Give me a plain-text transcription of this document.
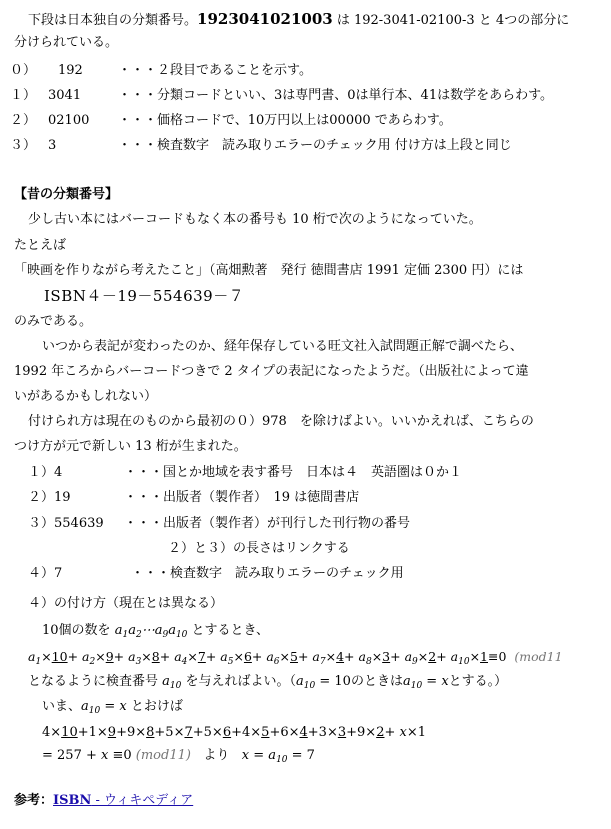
下段は日本独自の分類番号。1923041021003 は 192-3041-02100-3 と 4つの部分に
分けられている。
０） 192	・・・２段目であることを示す。
１） 3041	・・・分類コードといい、3は専門書、0は単行本、41は数学をあらわす。
２） 02100 ・・・価格コードで、10万円以上は00000 であらわす。
３） 3	・・・検査数字　読み取りエラーのチェック用 付け方は上段と同じ
【昔の分類番号】
少し古い本にはバーコードもなく本の番号も 10 桁で次のようになっていた。
たとえば
「映画を作りながら考えたこと」（高畑勲著　発行 徳間書店 1991 定価 2300 円）には
ISBN４－19－554639－７
のみである。
いつから表記が変わったのか、経年保存している旺文社入試問題正解で調べたら、
1992 年ころからバーコードつきで 2 タイプの表記になったようだ。（出版社によって違
いがあるかもしれない）
付けられ方は現在のものから最初の０）978　を除けばよい。いいかえれば、こちらの
つけ方が元で新しい 13 桁が生まれた。
１）4	・・・国とか地域を表す番号　日本は４　英語圏は０か１
２）19	・・・出版者（製作者）　19 は徳間書店
３）554639 ・・・出版者（製作者）が刊行した刊行物の番号
２）と３）の長さはリンクする
４）7	・・・検査数字　読み取りエラーのチェック用
４）の付け方（現在とは異なる）
10個の数を $a_1a_2\cdots a_9a_{10}$ とするとき、
$a_1\times 10+ a_2\times 9+ a_3\times 8+ a_4\times 7+ a_5\times 6+ a_6\times 5+ a_7\times 4+ a_8\times 3+ a_9\times 2+ a_{10}\times 1\equiv 0$  (mod11
となるように検査番号 $a_{10}$ を与えればよい。（$a_{10} = 10$のときは$a_{10} = x$とする。）
いま、$a_{10} = x$ とおけば
4×10+1×9+9×8+5×7+5×6+4×5+6×4+3×3+9×2+ x×1
= 257 + x ≡0 (mod11) より $x = a_{10} = 7$
参考：ISBN - ウィキペディア
